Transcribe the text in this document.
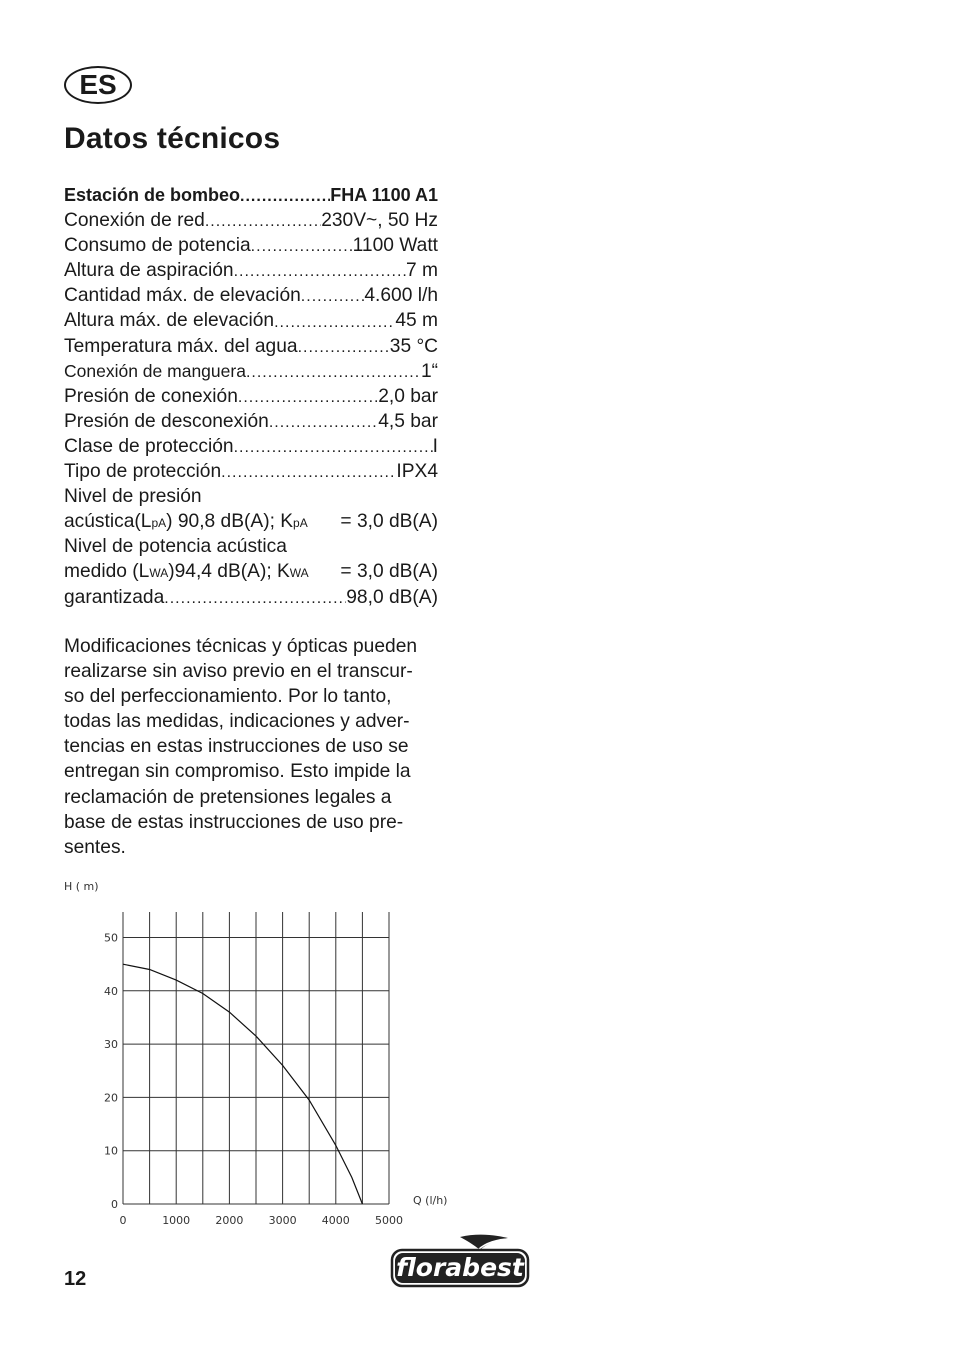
ES
Datos técnicos
Estación de bombeo .....	FHA 1100 A1
Conexión de red .....	230V~, 50 Hz
Consumo de potencia .....	1100 Watt
Altura de aspiración .....	7 m
Cantidad máx. de elevación .....	4.600 l/h
Altura máx. de elevación .....	45 m
Temperatura máx. del agua .....	35 °C
Conexión de manguera .....	1“
Presión de conexión .....	2,0 bar
Presión de desconexión .....	4,5 bar
Clase de protección .....	I
Tipo de protección .....	IPX4
Nivel de presión
acústica(LpA) 90,8 dB(A); KpA = 3,0 dB(A)
Nivel de potencia acústica
medido (LWA)94,4 dB(A); KWA = 3,0 dB(A)
garantizada .....	98,0 dB(A)

Modificaciones técnicas y ópticas pueden
realizarse sin aviso previo en el transcur-
so del perfeccionamiento. Por lo tanto,
todas las medidas, indicaciones y adver-
tencias en estas instrucciones de uso se
entregan sin compromiso. Esto impide la
reclamación de pretensiones legales a
base de estas instrucciones de uso pre-
sentes.

0
10
20
30
40
50
0	1000 2000 3000 4000 5000
H ( m)
Q (l/h)
12	florabest
